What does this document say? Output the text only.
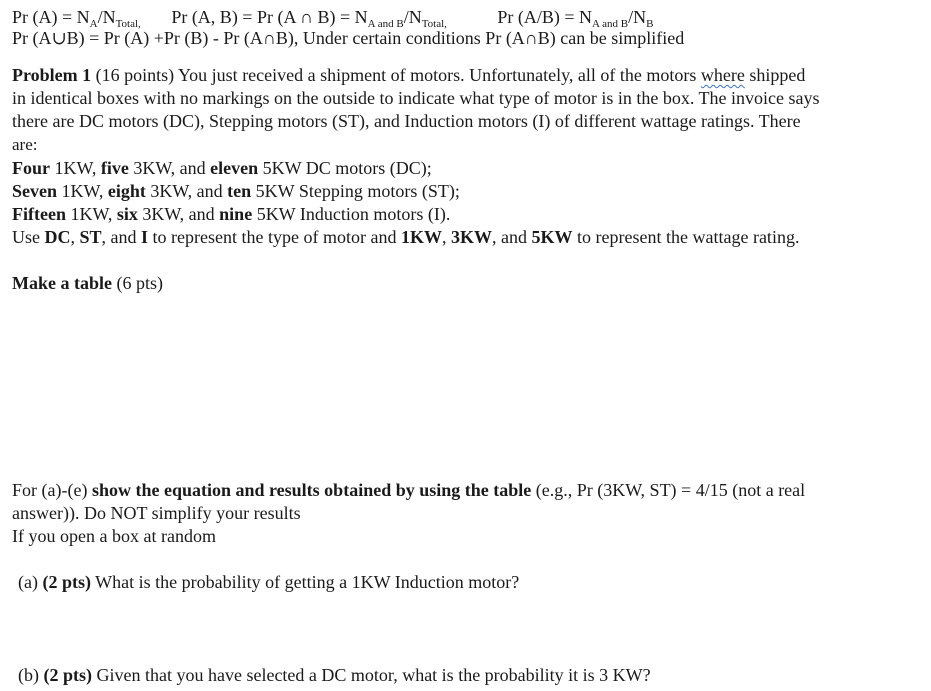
Pr $(A) = N_A/N_{Total,}$ Pr (A, B) = Pr (A ∩ $B) = N_{A and B}/N_{Total,}$	Pr $(A/B) = N_{A and B}/N_B$
Pr (A∪B) = Pr (A) +Pr (B) - Pr (A∩B), Under certain conditions Pr (A∩B) can be simplified
Problem 1 (16 points) You just received a shipment of motors. Unfortunately, all of the motors where shipped
in identical boxes with no markings on the outside to indicate what type of motor is in the box. The invoice says
there are DC motors (DC), Stepping motors (ST), and Induction motors (I) of different wattage ratings. There
are:
Four 1KW, five 3KW, and eleven 5KW DC motors (DC);
Seven 1KW, eight 3KW, and ten 5KW Stepping motors (ST);
Fifteen 1KW, six 3KW, and nine 5KW Induction motors (I).
Use DC, ST, and I to represent the type of motor and 1KW, 3KW, and 5KW to represent the wattage rating.
Make a table (6 pts)
For (a)-(e) show the equation and results obtained by using the table (e.g., Pr (3KW, ST) = 4/15 (not a real
answer)). Do NOT simplify your results
If you open a box at random
(a) (2 pts) What is the probability of getting a 1KW Induction motor?
(b) (2 pts) Given that you have selected a DC motor, what is the probability it is 3 KW?
